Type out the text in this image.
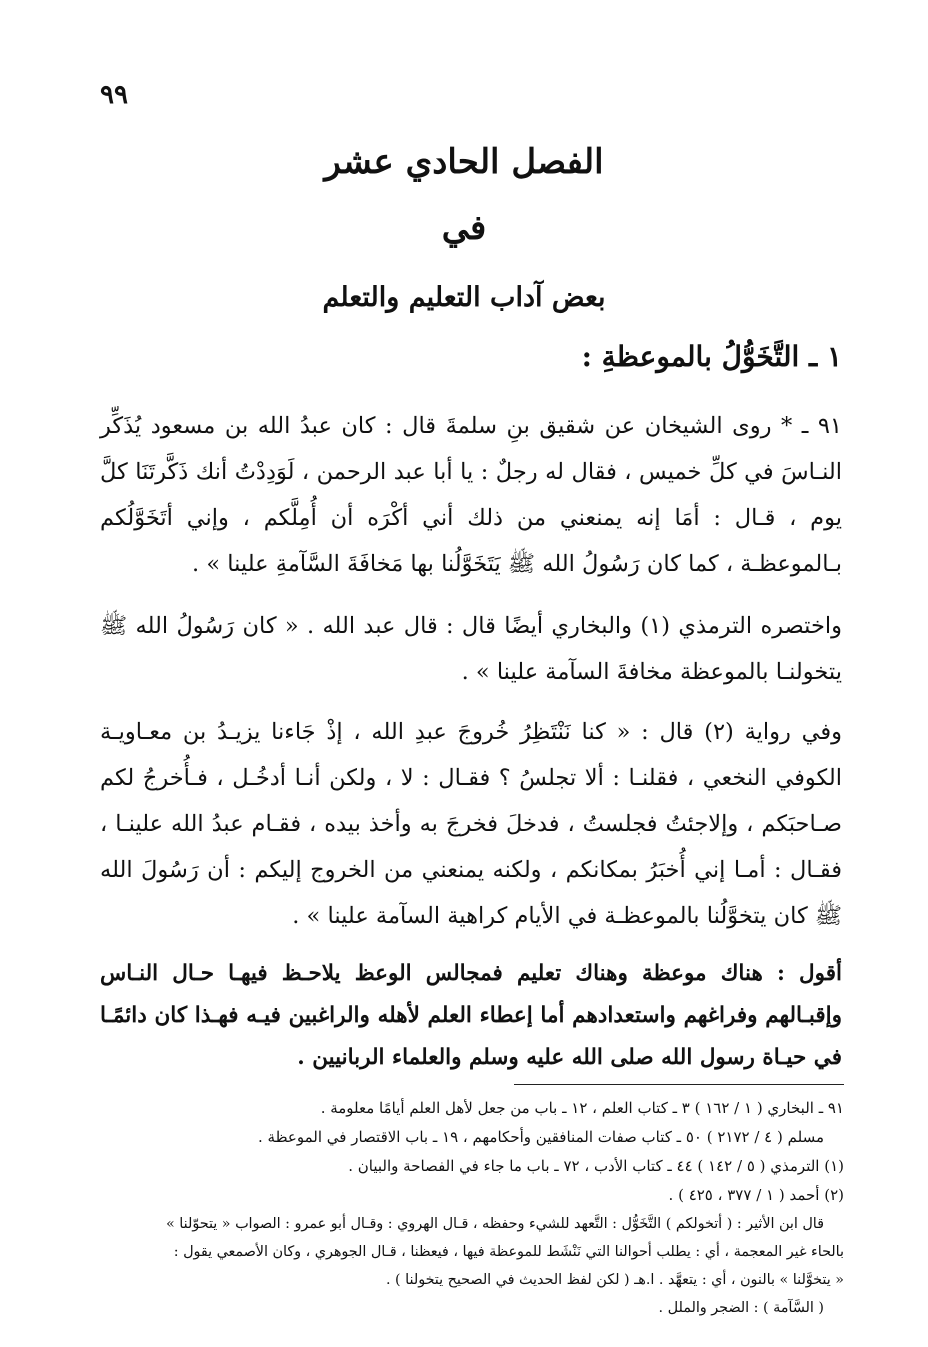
٩٩
الفصل الحادي عشر
في
بعض آداب التعليم والتعلم
١ ـ التَّخَوُّلُ بالموعظةِ :

٩١ ـ * روى الشيخان عن شقيق بنِ سلمةَ قال : كان عبدُ الله بن مسعود يُذَكِّر النـاسَ في كلِّ خميس ، فقال له رجلٌ : يا أبا عبد الرحمن ، لَوَدِدْتُ أنك ذَكَّرتَنَا كلَّ يوم ، قـال : أمَا إنه يمنعني من ذلك أني أكْرَه أن أُمِلَّكم ، وإني أتَخَوَّلُكم بـالموعظـة ، كما كان رَسُولُ الله ﷺ يَتَخَوَّلُنا بها مَخافَةَ السَّآمةِ علينا » .

واختصره الترمذي (١) والبخاري أيضًا قال : قال عبد الله . « كان رَسُولُ الله ﷺ يتخولنـا بالموعظة مخافةَ السآمة علينا » .

وفي رواية (٢) قال : « كنا نَنْتَظِرُ خُروجَ عبدِ الله ، إذْ جَاءنا يزيـدُ بن معـاويـة الكوفي النخعي ، فقلنـا : ألا تجلسُ ؟ فقـال : لا ، ولكن أنـا أدخُـل ، فـأُخرجُ لكم صـاحبَكم ، وإلاجئتُ فجلستُ ، فدخلَ فخرجَ به وأخذ بيده ، فقـام عبدُ الله علينـا ، فقـال : أمـا إني أُخبَرُ بمكانكم ، ولكنه يمنعني من الخروج إليكم : أن رَسُولَ الله ﷺ كان يتخوَّلُنا بالموعظـة في الأيام كراهية السآمة علينا » .

أقول : هناك موعظة وهناك تعليم فمجالس الوعظ يلاحـظ فيهـا حـال النـاس وإقبـالهم وفراغهم واستعدادهم أما إعطاء العلم لأهله والراغبين فيـه فهـذا كان دائمًـا في حيـاة رسول الله صلى الله عليه وسلم والعلماء الربانيين .

٩١ ـ البخاري ( ١ / ١٦٢ ) ٣ ـ كتاب العلم ، ١٢ ـ باب من جعل لأهل العلم أيامًا معلومة .

مسلم ( ٤ / ٢١٧٢ ) ٥٠ ـ كتاب صفات المنافقين وأحكامهم ، ١٩ ـ باب الاقتصار في الموعظة .

(١) الترمذي ( ٥ / ١٤٢ ) ٤٤ ـ كتاب الأدب ، ٧٢ ـ باب ما جاء في الفصاحة والبيان .

(٢) أحمد ( ١ / ٣٧٧ ، ٤٢٥ ) .

قال ابن الأثير : ( أتخولكم ) التَّخَوُّل : التَّعهد للشيء وحفظه ، قـال الهروي : وقـال أبو عمرو : الصواب « يتحوّلنا »

بالحاء غير المعجمة ، أي : يطلب أحوالنا التي نَنْشَط للموعظة فيها ، فيعظنا ، قـال الجوهري ، وكان الأصمعي يقول :

« يتخوَّلنا » بالنون ، أي : يتعهَّد . ا.هـ ( لكن لفظ الحديث في الصحيح يتخولنا ) .

( السَّآمة ) : الضجر والملل .
